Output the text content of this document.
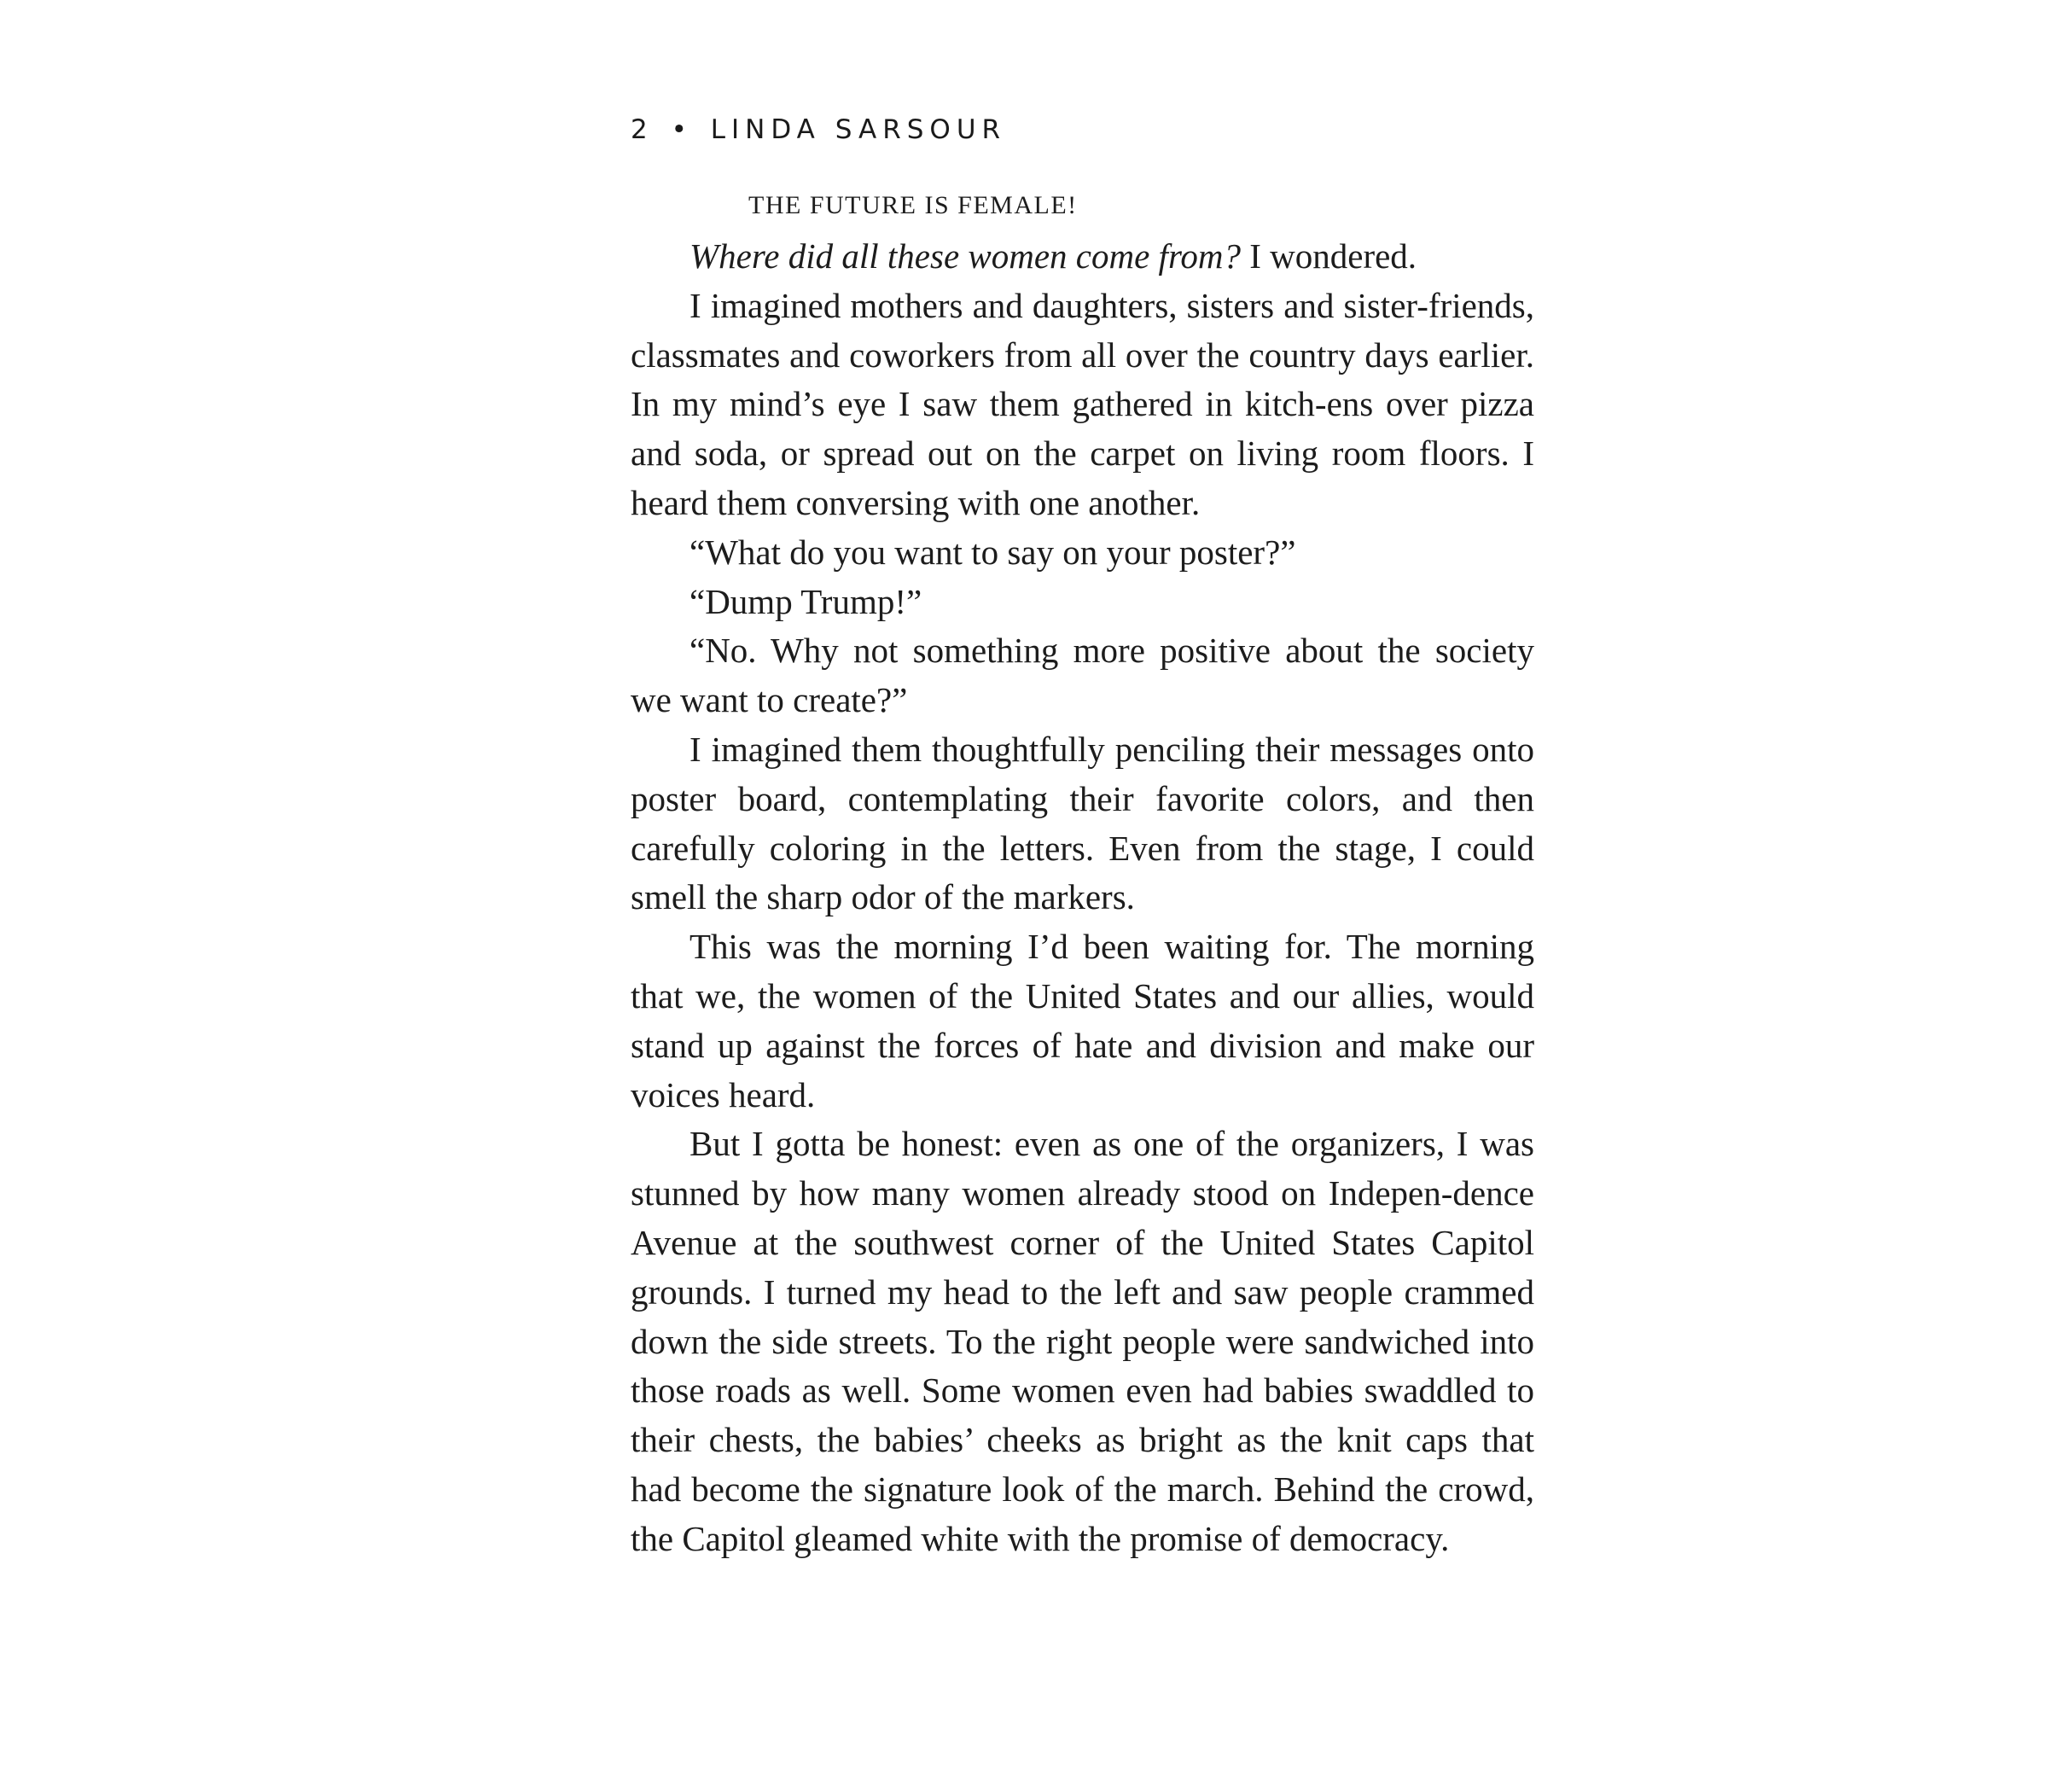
2 • LINDA SARSOUR

THE FUTURE IS FEMALE!

Where did all these women come from? I wondered.

I imagined mothers and daughters, sisters and sister-friends, classmates and coworkers from all over the country days earlier. In my mind’s eye I saw them gathered in kitch-ens over pizza and soda, or spread out on the carpet on living room floors. I heard them conversing with one another.

“What do you want to say on your poster?”

“Dump Trump!”

“No. Why not something more positive about the society we want to create?”

I imagined them thoughtfully penciling their messages onto poster board, contemplating their favorite colors, and then carefully coloring in the letters. Even from the stage, I could smell the sharp odor of the markers.

This was the morning I’d been waiting for. The morning that we, the women of the United States and our allies, would stand up against the forces of hate and division and make our voices heard.

But I gotta be honest: even as one of the organizers, I was stunned by how many women already stood on Indepen-dence Avenue at the southwest corner of the United States Capitol grounds. I turned my head to the left and saw people crammed down the side streets. To the right people were sandwiched into those roads as well. Some women even had babies swaddled to their chests, the babies’ cheeks as bright as the knit caps that had become the signature look of the march. Behind the crowd, the Capitol gleamed white with the promise of democracy.
